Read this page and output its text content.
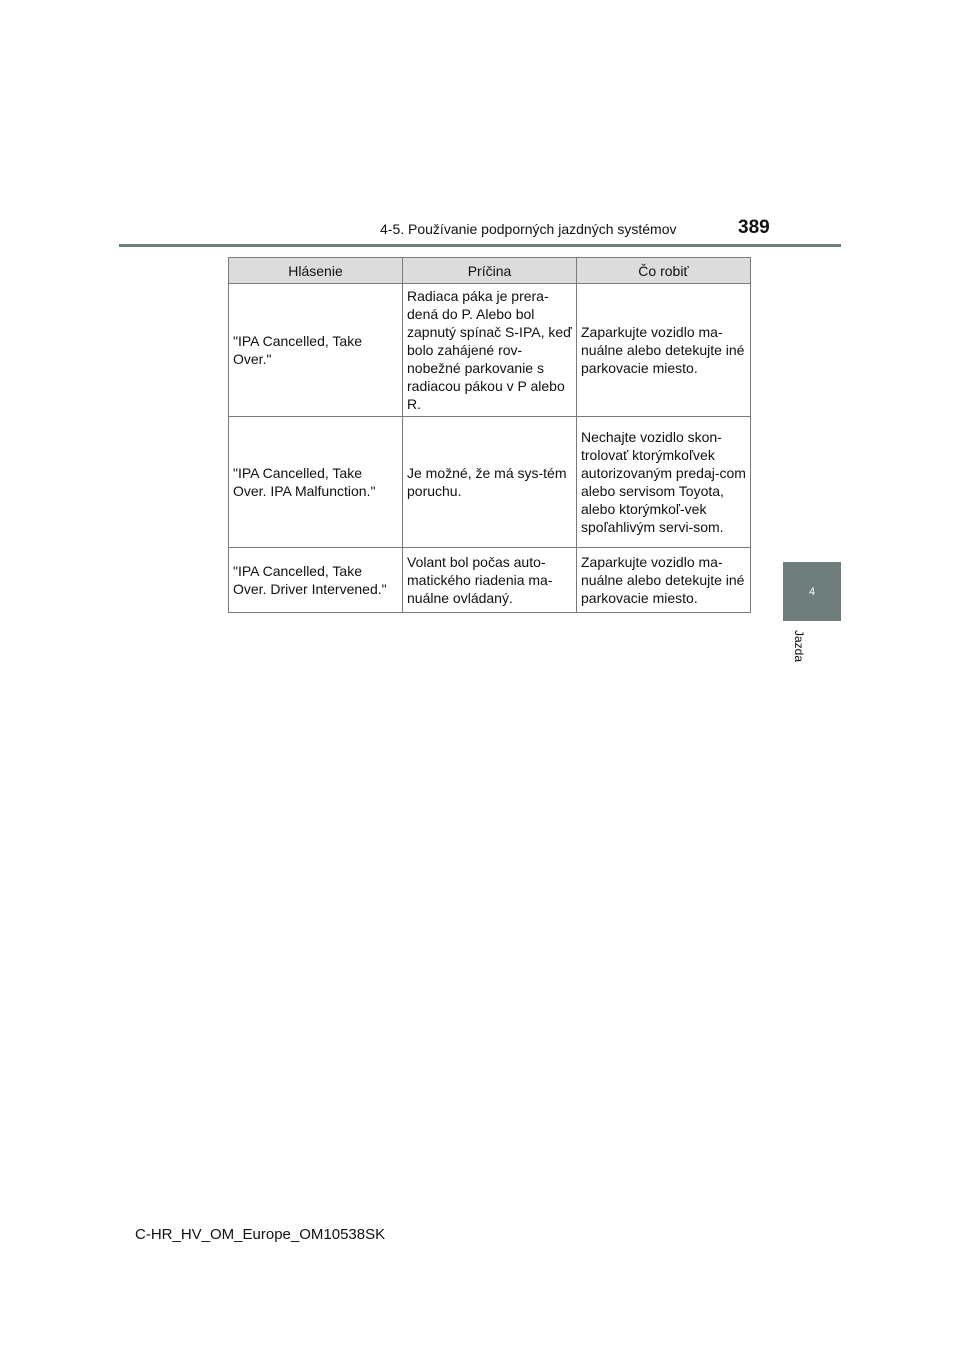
4-5. Používanie podporných jazdných systémov	389
4
Jazda
Hlásenie	Príčina	Čo robiť
"IPA Cancelled, Take Over."	Radiaca páka je prera-dená do P. Alebo bol zapnutý spínač S-IPA, keď bolo zahájené rov-nobežné parkovanie s radiacou pákou v P alebo R.	Zaparkujte vozidlo ma-nuálne alebo detekujte iné parkovacie miesto.
"IPA Cancelled, Take Over. IPA Malfunction."	Je možné, že má sys-tém poruchu.	Nechajte vozidlo skon-trolovať ktorýmkoľvek autorizovaným predaj-com alebo servisom Toyota, alebo ktorýmkoľ-vek spoľahlivým servi-som.
"IPA Cancelled, Take Over. Driver Intervened."	Volant bol počas auto-matického riadenia ma-nuálne ovládaný.	Zaparkujte vozidlo ma-nuálne alebo detekujte iné parkovacie miesto.
C-HR_HV_OM_Europe_OM10538SK
